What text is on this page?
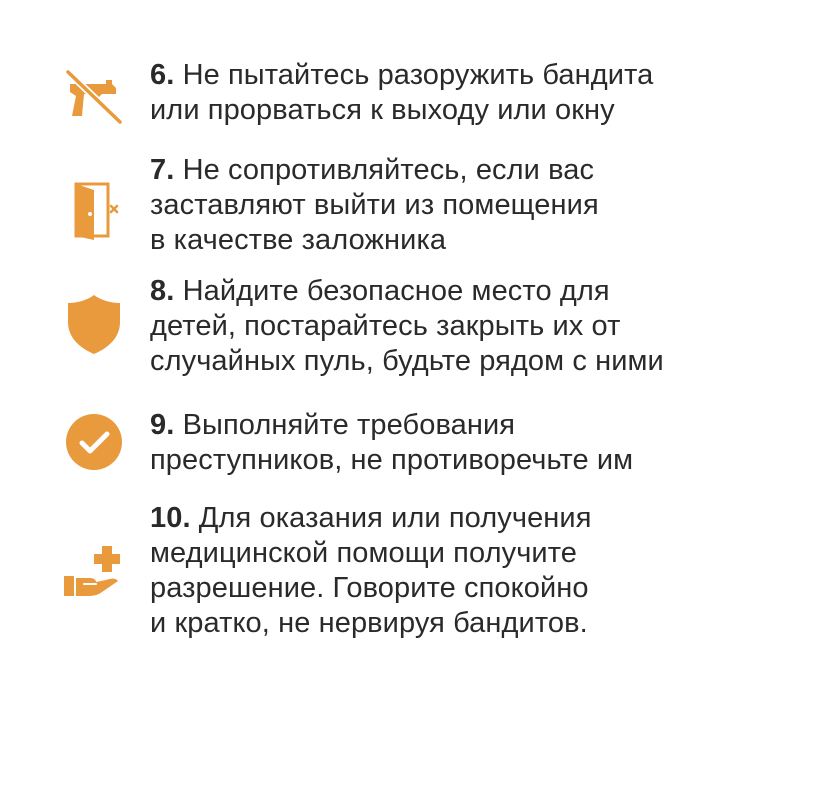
6. Не пытайтесь разоружить бандита
или прорваться к выходу или окну
7. Не сопротивляйтесь, если вас
заставляют выйти из помещения
в качестве заложника
8. Найдите безопасное место для
детей, постарайтесь закрыть их от
случайных пуль, будьте рядом с ними
9. Выполняйте требования
преступников, не противоречьте им
10. Для оказания или получения
медицинской помощи получите
разрешение. Говорите спокойно
и кратко, не нервируя бандитов.
